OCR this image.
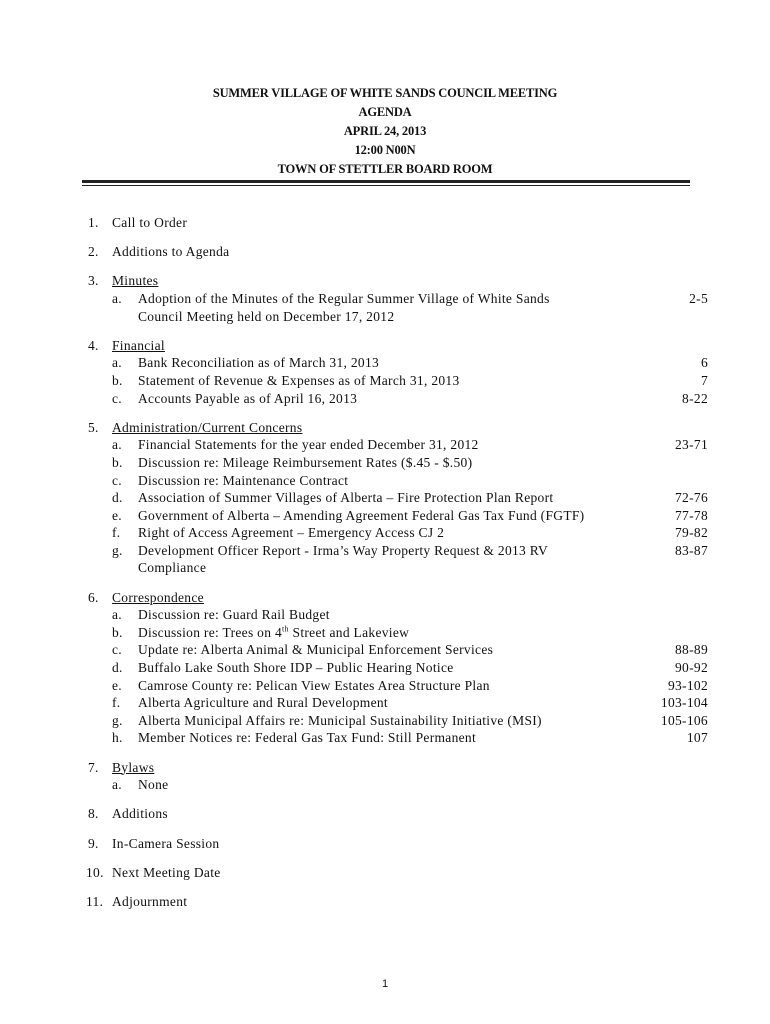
SUMMER VILLAGE OF WHITE SANDS COUNCIL MEETING
AGENDA
APRIL 24, 2013
12:00 N00N
TOWN OF STETTLER BOARD ROOM
1. Call to Order
2. Additions to Agenda
3. Minutes
a.	Adoption of the Minutes of the Regular Summer Village of White Sands	2-5
Council Meeting held on December 17, 2012
4. Financial
a.	Bank Reconciliation as of March 31, 2013	6
b.	Statement of Revenue & Expenses as of March 31, 2013	7
c.	Accounts Payable as of April 16, 2013	8-22
5. Administration/Current Concerns
a.	Financial Statements for the year ended December 31, 2012	23-71
b.	Discussion re: Mileage Reimbursement Rates ($.45 - $.50)
c.	Discussion re: Maintenance Contract
d.	Association of Summer Villages of Alberta – Fire Protection Plan Report	72-76
e.	Government of Alberta – Amending Agreement Federal Gas Tax Fund (FGTF)	77-78
f.	Right of Access Agreement – Emergency Access CJ 2	79-82
g.	Development Officer Report - Irma’s Way Property Request & 2013 RV	83-87
Compliance
6. Correspondence
a.	Discussion re: Guard Rail Budget
b.	Discussion re: Trees on 4th Street and Lakeview
c.	Update re: Alberta Animal & Municipal Enforcement Services	88-89
d.	Buffalo Lake South Shore IDP – Public Hearing Notice	90-92
e.	Camrose County re: Pelican View Estates Area Structure Plan	93-102
f.	Alberta Agriculture and Rural Development	103-104
g.	Alberta Municipal Affairs re: Municipal Sustainability Initiative (MSI)	105-106
h.	Member Notices re: Federal Gas Tax Fund: Still Permanent	107
7. Bylaws
a.	None
8. Additions
9. In-Camera Session
10. Next Meeting Date
11. Adjournment
1
